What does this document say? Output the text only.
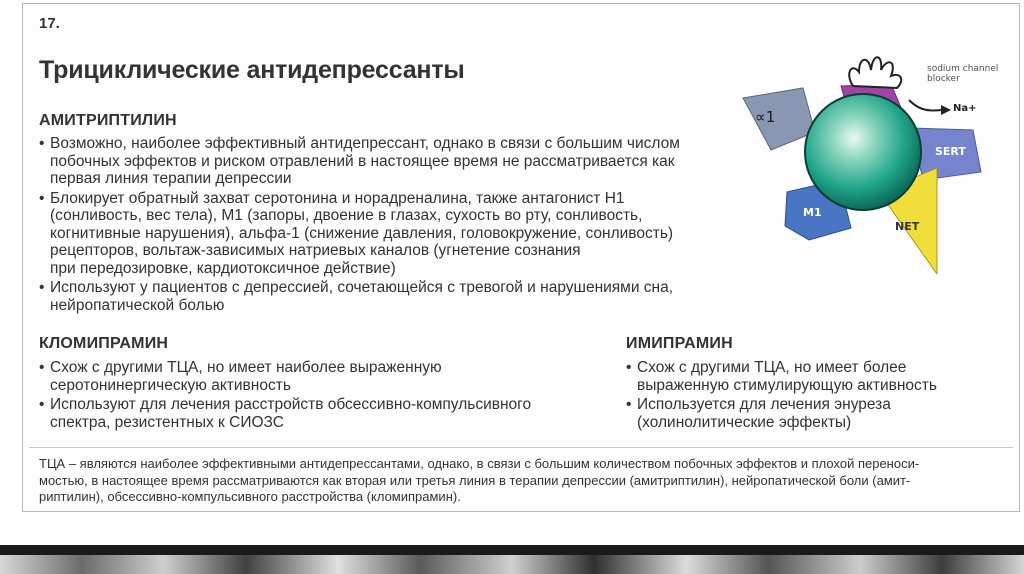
17.
Трициклические антидепрессанты
АМИТРИПТИЛИН
• Возможно, наиболее эффективный антидепрессант, однако в связи с большим числом
побочных эффектов и риском отравлений в настоящее время не рассматривается как
первая линия терапии депрессии
• Блокирует обратный захват серотонина и норадреналина, также антагонист Н1
(сонливость, вес тела), М1 (запоры, двоение в глазах, сухость во рту, сонливость,
когнитивные нарушения), альфа-1 (снижение давления, головокружение, сонливость)
рецепторов, вольтаж-зависимых натриевых каналов (угнетение сознания
при передозировке, кардиотоксичное действие)
• Используют у пациентов с депрессией, сочетающейся с тревогой и нарушениями сна,
нейропатической болью
КЛОМИПРАМИН
• Схож с другими ТЦА, но имеет наиболее выраженную
серотонинергическую активность
• Используют для лечения расстройств обсессивно-компульсивного
спектра, резистентных к СИОЗС
ИМИПРАМИН
• Схож с другими ТЦА, но имеет более
выраженную стимулирующую активность
• Используется для лечения энуреза
(холинолитические эффекты)

ТЦА – являются наиболее эффективными антидепрессантами, однако, в связи с большим количеством побочных эффектов и плохой переноси-
мостью, в настоящее время рассматриваются как вторая или третья линия в терапии депрессии (амитриптилин), нейропатической боли (амит-
риптилин), обсессивно-компульсивного расстройства (кломипрамин).

∝1
H1
sodium channel
blocker
Na+
SERT
NET
M1
